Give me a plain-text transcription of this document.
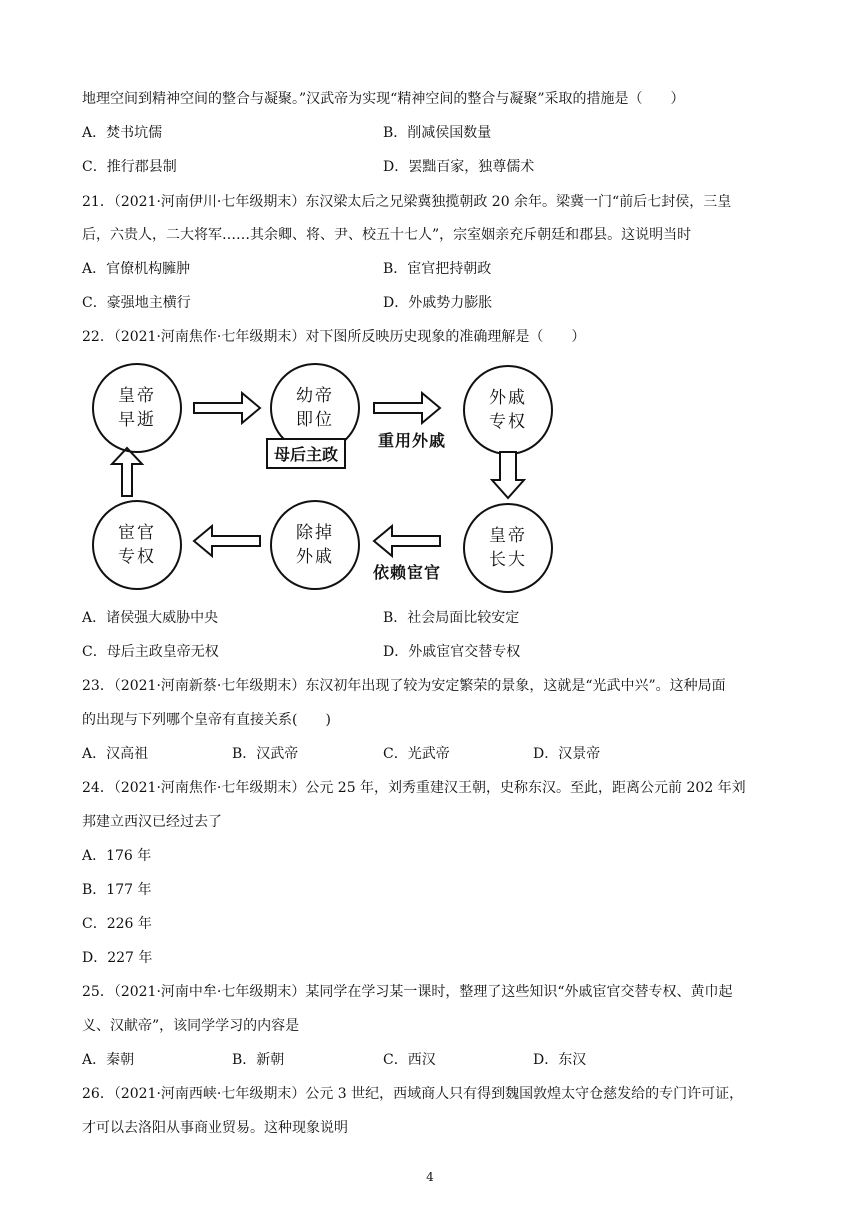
地理空间到精神空间的整合与凝聚。”汉武帝为实现“精神空间的整合与凝聚”采取的措施是（　　）
A．焚书坑儒	B．削减侯国数量
C．推行郡县制	D．罢黜百家，独尊儒术
21．（2021·河南伊川·七年级期末）东汉梁太后之兄梁冀独揽朝政 20 余年。梁冀一门“前后七封侯，三皇
后，六贵人，二大将军……其余卿、将、尹、校五十七人”，宗室姻亲充斥朝廷和郡县。这说明当时
A．官僚机构臃肿	B．宦官把持朝政
C．豪强地主横行	D．外戚势力膨胀
22．（2021·河南焦作·七年级期末）对下图所反映历史现象的准确理解是（　　）
皇帝
早逝
幼帝
即位
母后主政
重用外戚
外戚
专权
皇帝
长大
除掉
外戚
宦官
专权
依赖宦官
A．诸侯强大威胁中央	B．社会局面比较安定
C．母后主政皇帝无权	D．外戚宦官交替专权
23．（2021·河南新蔡·七年级期末）东汉初年出现了较为安定繁荣的景象，这就是“光武中兴”。这种局面
的出现与下列哪个皇帝有直接关系(　　)
A．汉高祖	B．汉武帝	C．光武帝	D．汉景帝
24．（2021·河南焦作·七年级期末）公元 25 年，刘秀重建汉王朝，史称东汉。至此，距离公元前 202 年刘
邦建立西汉已经过去了
A．176 年
B．177 年
C．226 年
D．227 年
25．（2021·河南中牟·七年级期末）某同学在学习某一课时，整理了这些知识“外戚宦官交替专权、黄巾起
义、汉献帝”，该同学学习的内容是
A．秦朝	B．新朝	C．西汉	D．东汉
26．（2021·河南西峡·七年级期末）公元 3 世纪，西域商人只有得到魏国敦煌太守仓慈发给的专门许可证，
才可以去洛阳从事商业贸易。这种现象说明
4
